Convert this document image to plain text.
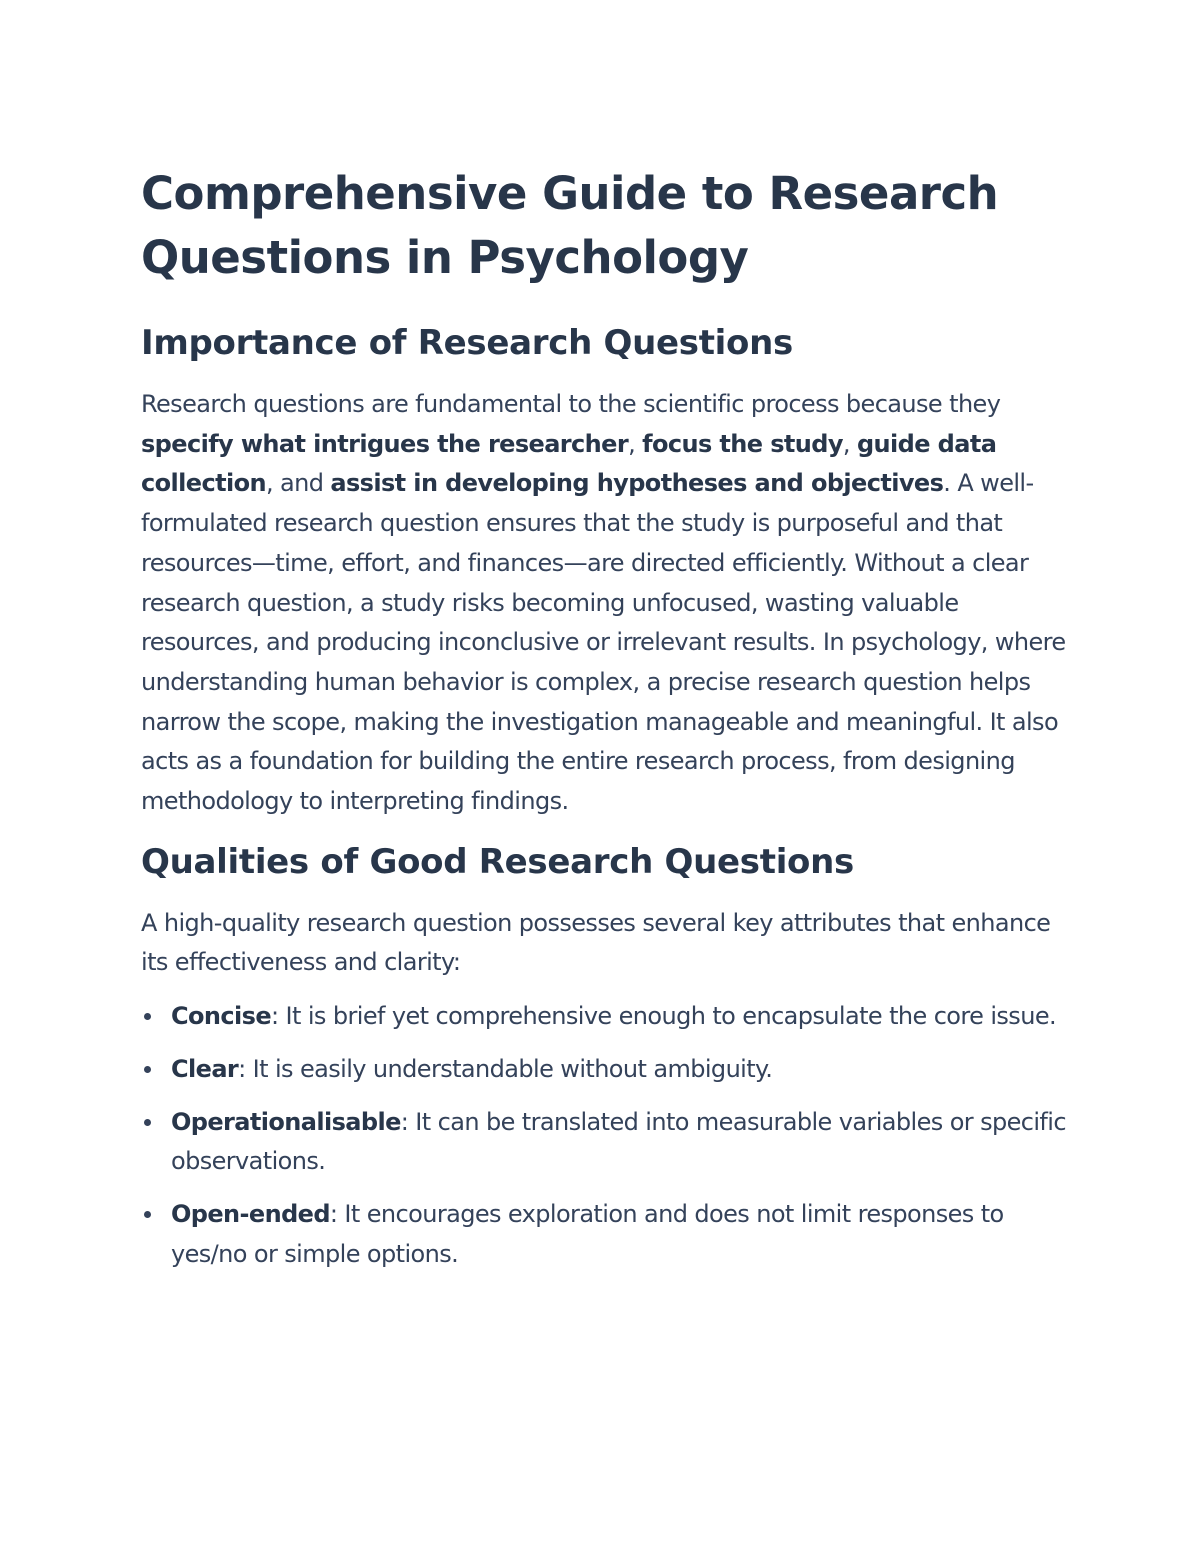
Comprehensive Guide to Research Questions in Psychology
Importance of Research Questions

Research questions are fundamental to the scientific process because they specify what intrigues the researcher, focus the study, guide data collection, and assist in developing hypotheses and objectives. A well-formulated research question ensures that the study is purposeful and that resources—time, effort, and finances—are directed efficiently. Without a clear research question, a study risks becoming unfocused, wasting valuable resources, and producing inconclusive or irrelevant results. In psychology, where understanding human behavior is complex, a precise research question helps narrow the scope, making the investigation manageable and meaningful. It also acts as a foundation for building the entire research process, from designing methodology to interpreting findings.

Qualities of Good Research Questions

A high-quality research question possesses several key attributes that enhance its effectiveness and clarity:

Concise: It is brief yet comprehensive enough to encapsulate the core issue.
Clear: It is easily understandable without ambiguity.
Operationalisable: It can be translated into measurable variables or specific observations.
Open-ended: It encourages exploration and does not limit responses to yes/no or simple options.
